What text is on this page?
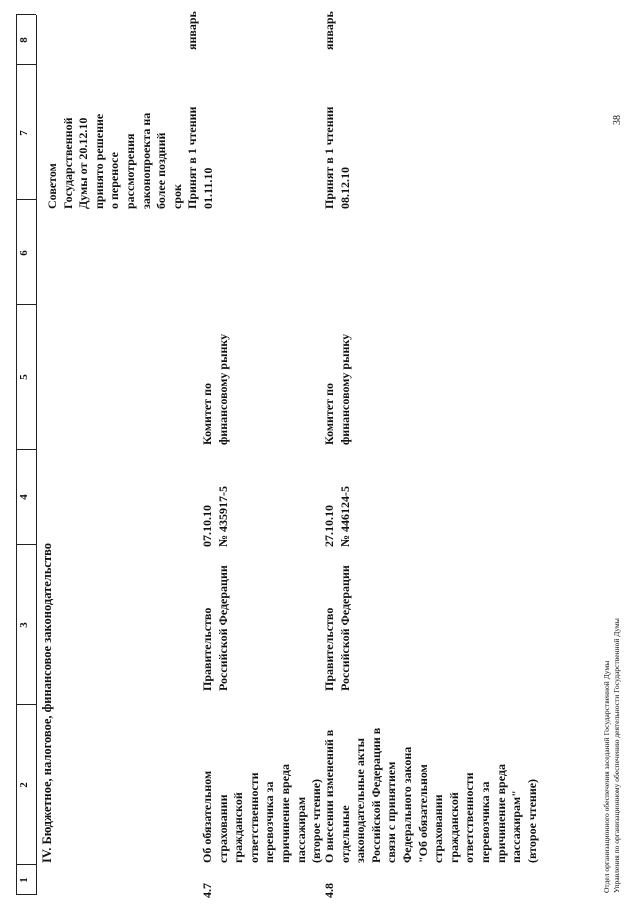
1
2
3
4
5
6
7
8
IV. Бюджетное, налоговое, финансовое законодательство
4.7
Об обязательном
страховании
гражданской
ответственности
перевозчика за
причинение вреда
пассажирам
(второе чтение)
Правительство
Российской Федерации
07.10.10
№ 435917-5
Комитет по
финансовому рынку
Советом
Государственной
Думы от 20.12.10
принято решение
о переносе
рассмотрения
законопроекта на
более поздний
срок
Принят в 1 чтении
01.11.10
январь
4.8
О внесении изменений в
отдельные
законодательные акты
Российской Федерации в
связи с принятием
Федерального закона
"Об обязательном
страховании
гражданской
ответственности
перевозчика за
причинение вреда
пассажирам"
(второе чтение)
Правительство
Российской Федерации
27.10.10
№ 446124-5
Комитет по
финансовому рынку
Принят в 1 чтении
08.12.10
январь
Отдел организационного обеспечения заседаний Государственной Думы Управления по организационному обеспечению деятельности Государственной Думы
38
